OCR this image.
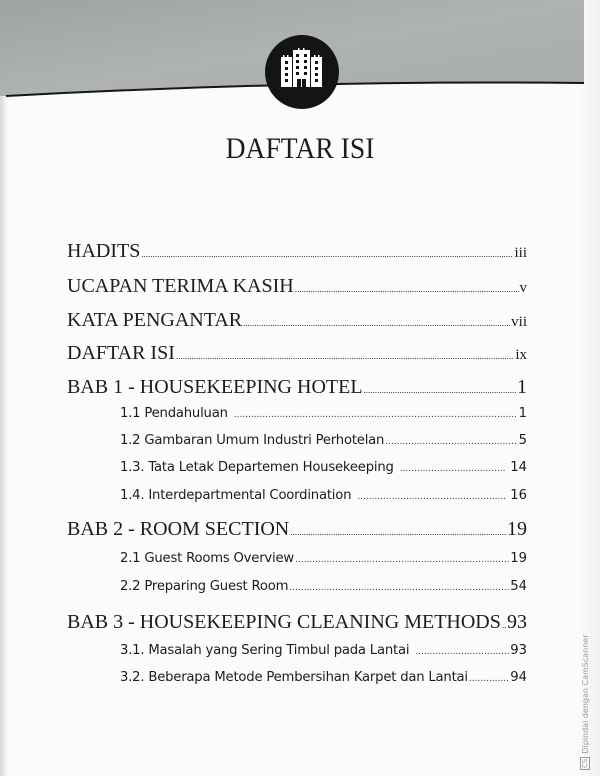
DAFTAR ISI
HADITS .....	iii
UCAPAN TERIMA KASIH .....	v
KATA PENGANTAR .....	vii
DAFTAR ISI .....	ix
BAB 1 - HOUSEKEEPING HOTEL .....	1
1.1 Pendahuluan .....	1
1.2 Gambaran Umum Industri Perhotelan .....	5
1.3. Tata Letak Departemen Housekeeping .....	14
1.4. Interdepartmental Coordination .....	16
BAB 2 - ROOM SECTION .....	19
2.1 Guest Rooms Overview .....	19
2.2 Preparing Guest Room .....	54
BAB 3 - HOUSEKEEPING CLEANING METHODS ..... 93
3.1. Masalah yang Sering Timbul pada Lantai .....	93
3.2. Beberapa Metode Pembersihan Karpet dan Lantai .....	94
CS
Dipindai dengan CamScanner
